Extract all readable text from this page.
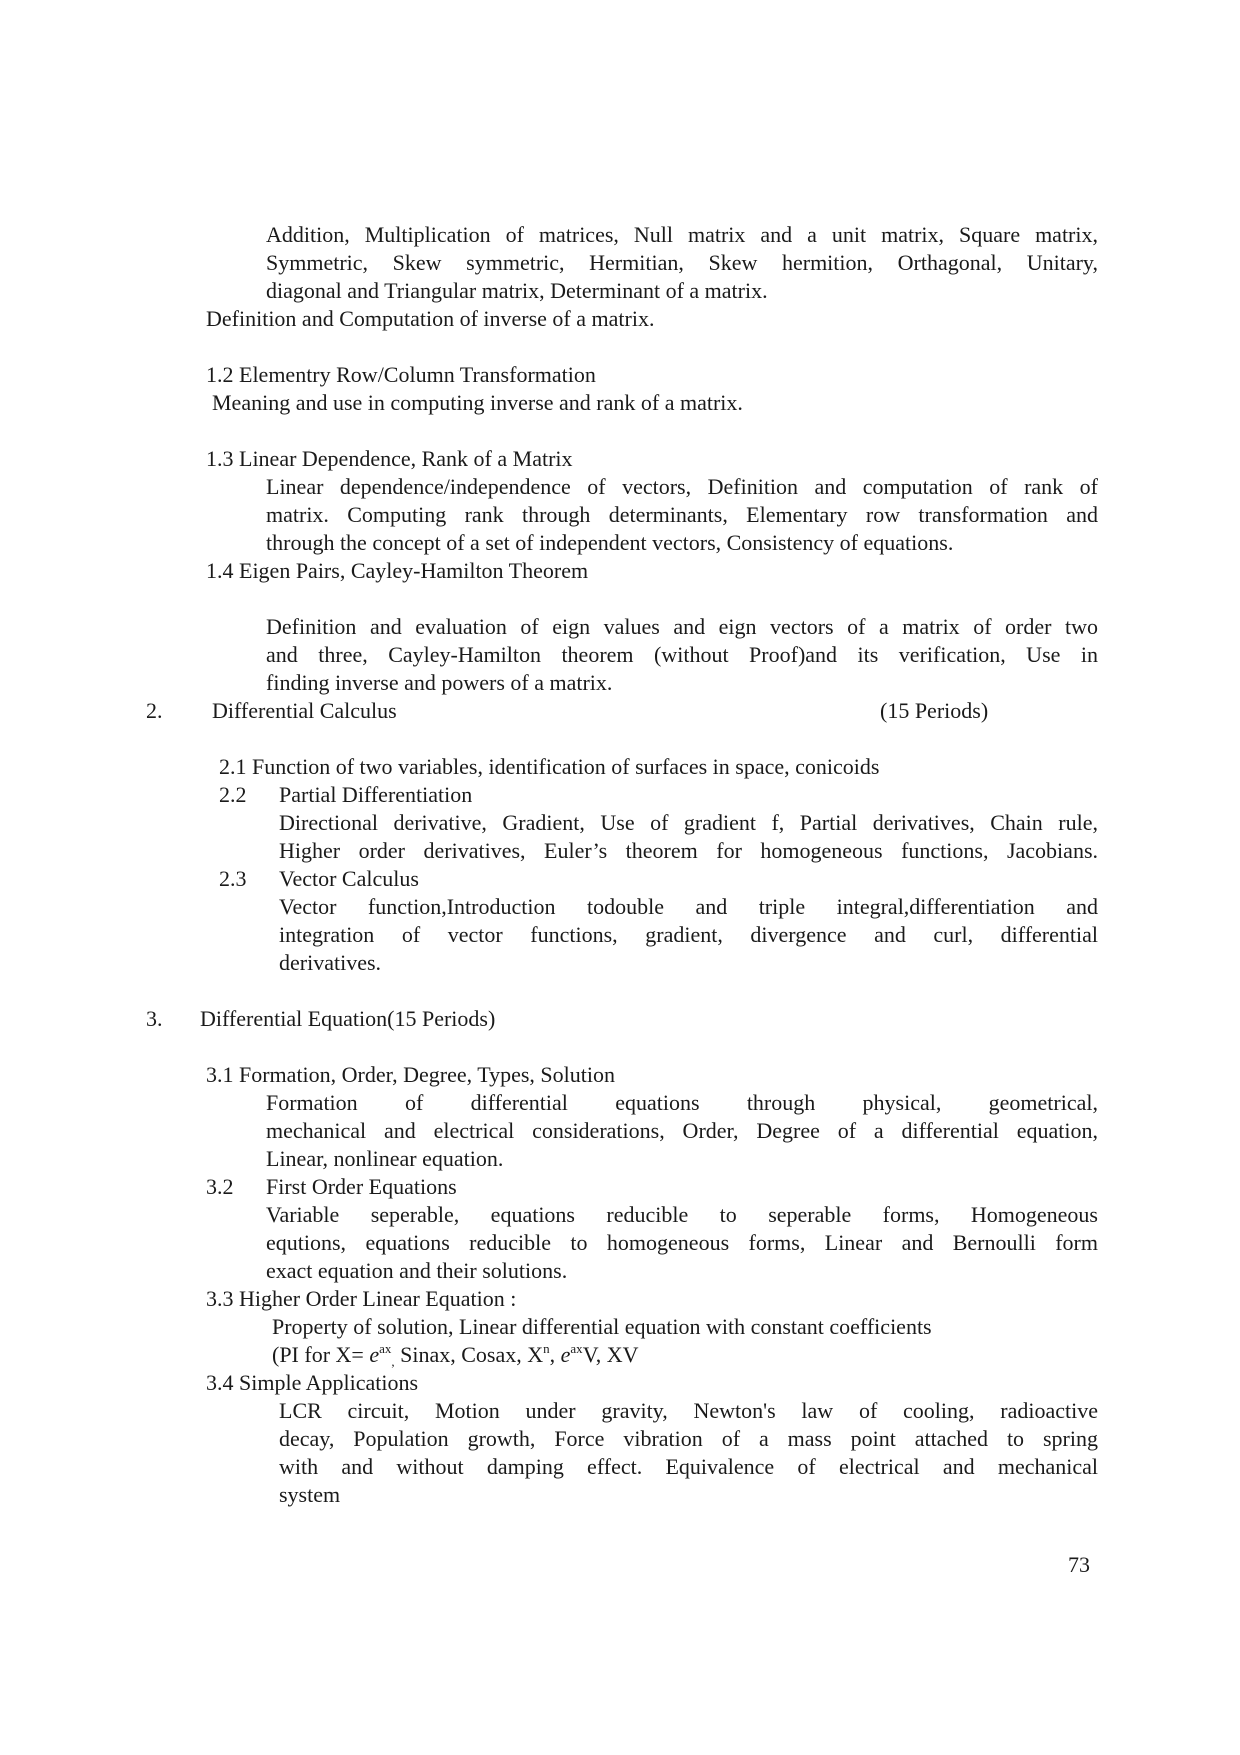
Addition, Multiplication of matrices, Null matrix and a unit matrix, Square matrix,
Symmetric, Skew symmetric, Hermitian, Skew hermition, Orthagonal, Unitary,
diagonal and Triangular matrix, Determinant of a matrix.
Definition and Computation of inverse of a matrix.
1.2 Elementry Row/Column Transformation
Meaning and use in computing inverse and rank of a matrix.
1.3 Linear Dependence, Rank of a Matrix
Linear dependence/independence of vectors, Definition and computation of rank of
matrix. Computing rank through determinants, Elementary row transformation and
through the concept of a set of independent vectors, Consistency of equations.
1.4 Eigen Pairs, Cayley-Hamilton Theorem
Definition and evaluation of eign values and eign vectors of a matrix of order two
and three, Cayley-Hamilton theorem (without Proof)and its verification, Use in
finding inverse and powers of a matrix.
2. Differential Calculus	(15 Periods)
2.1 Function of two variables, identification of surfaces in space, conicoids
2.2 Partial Differentiation
Directional derivative, Gradient, Use of gradient f, Partial derivatives, Chain rule,
Higher order derivatives, Euler’s theorem for homogeneous functions, Jacobians.
2.3 Vector Calculus
Vector function,Introduction todouble and triple integral,differentiation and
integration of vector functions, gradient, divergence and curl, differential
derivatives.
3. Differential Equation(15 Periods)
3.1 Formation, Order, Degree, Types, Solution
Formation of differential equations through physical, geometrical,
mechanical and electrical considerations, Order, Degree of a differential equation,
Linear, nonlinear equation.
3.2 First Order Equations
Variable seperable, equations reducible to seperable forms, Homogeneous
equtions, equations reducible to homogeneous forms, Linear and Bernoulli form
exact equation and their solutions.
3.3 Higher Order Linear Equation :
Property of solution, Linear differential equation with constant coefficients
(PI for $X= e^{ax}_,$ Sinax, Cosax, $X^n$, $e^{ax}V$, XV
3.4 Simple Applications
LCR circuit, Motion under gravity, Newton's law of cooling, radioactive
decay, Population growth, Force vibration of a mass point attached to spring
with and without damping effect. Equivalence of electrical and mechanical
system
73
